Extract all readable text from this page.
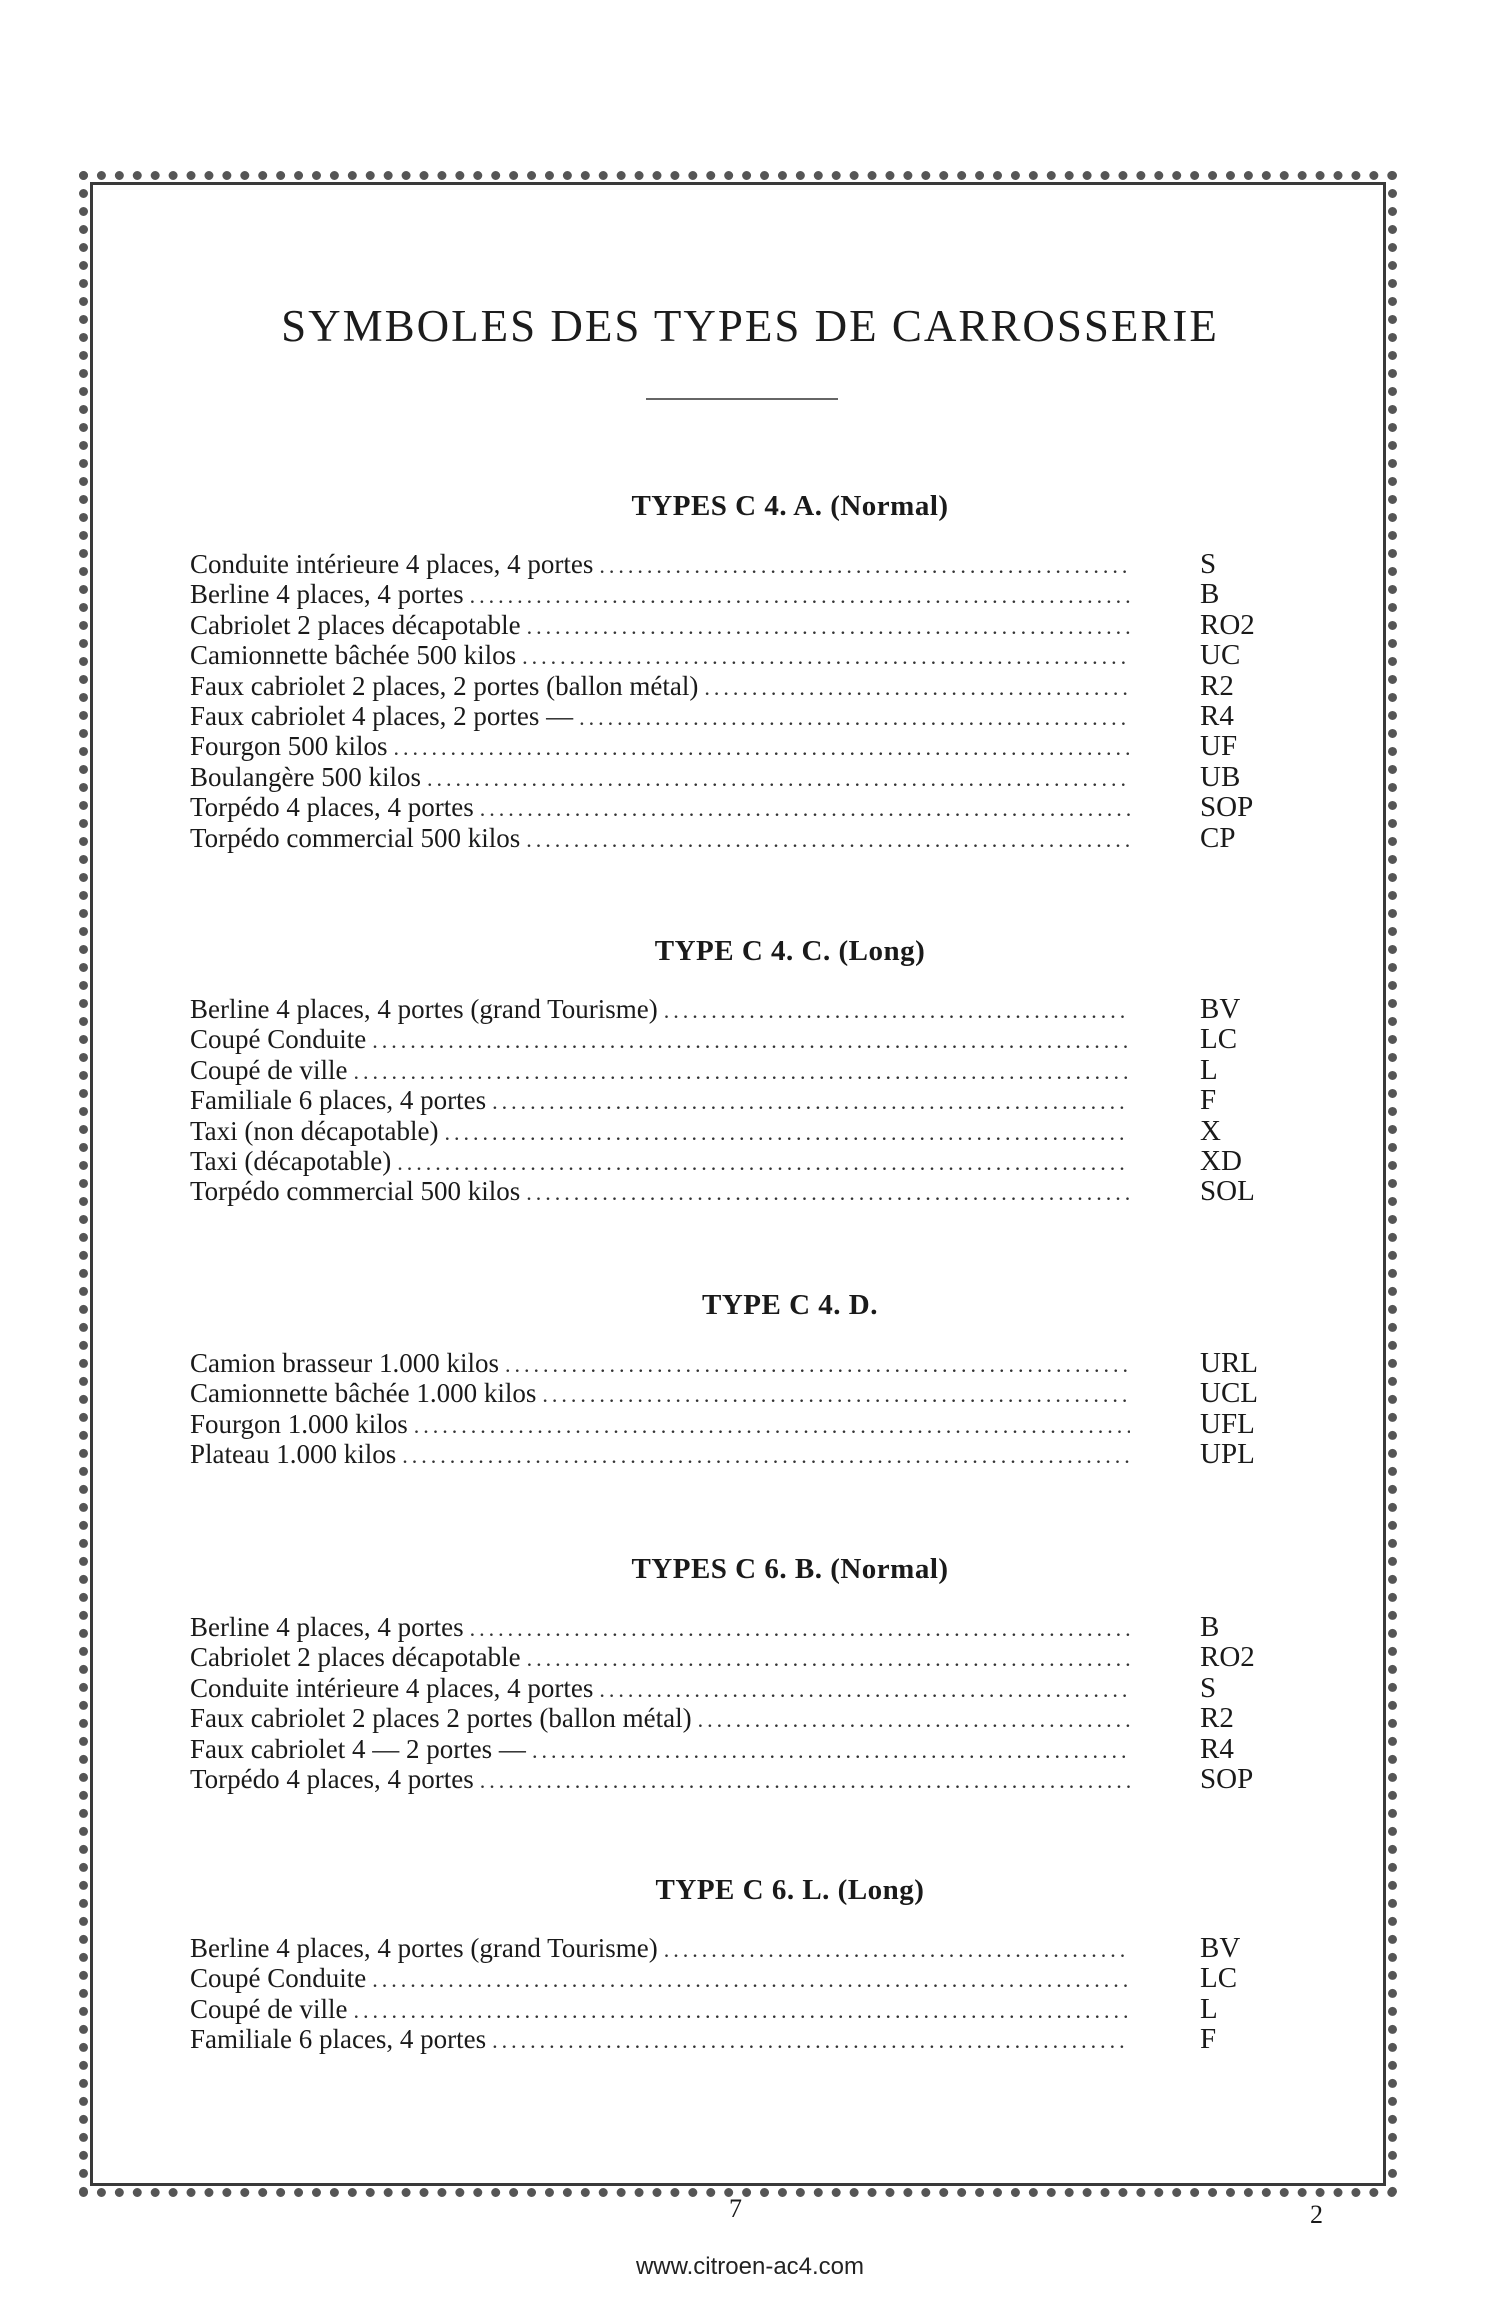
SYMBOLES DES TYPES DE CARROSSERIE
TYPES C 4. A. (Normal)
Conduite intérieure 4 places, 4 portes .....	S
Berline 4 places, 4 portes .....	B
Cabriolet 2 places décapotable .....	RO2
Camionnette bâchée 500 kilos .....	UC
Faux cabriolet 2 places, 2 portes (ballon métal) .....	R2
Faux cabriolet 4 places, 2 portes — .....	R4
Fourgon 500 kilos .....	UF
Boulangère 500 kilos .....	UB
Torpédo 4 places, 4 portes .....	SOP
Torpédo commercial 500 kilos .....	CP
TYPE C 4. C. (Long)
Berline 4 places, 4 portes (grand Tourisme) .....	BV
Coupé Conduite .....	LC
Coupé de ville .....	L
Familiale 6 places, 4 portes .....	F
Taxi (non décapotable) .....	X
Taxi (décapotable) .....	XD
Torpédo commercial 500 kilos .....	SOL
TYPE C 4. D.
Camion brasseur 1.000 kilos .....	URL
Camionnette bâchée 1.000 kilos .....	UCL
Fourgon 1.000 kilos .....	UFL
Plateau 1.000 kilos .....	UPL
TYPES C 6. B. (Normal)
Berline 4 places, 4 portes .....	B
Cabriolet 2 places décapotable .....	RO2
Conduite intérieure 4 places, 4 portes .....	S
Faux cabriolet 2 places 2 portes (ballon métal) .....	R2
Faux cabriolet 4 — 2 portes — .....	R4
Torpédo 4 places, 4 portes .....	SOP
TYPE C 6. L. (Long)
Berline 4 places, 4 portes (grand Tourisme) .....	BV
Coupé Conduite .....	LC
Coupé de ville .....	L
Familiale 6 places, 4 portes .....	F
7	2
www.citroen-ac4.com
